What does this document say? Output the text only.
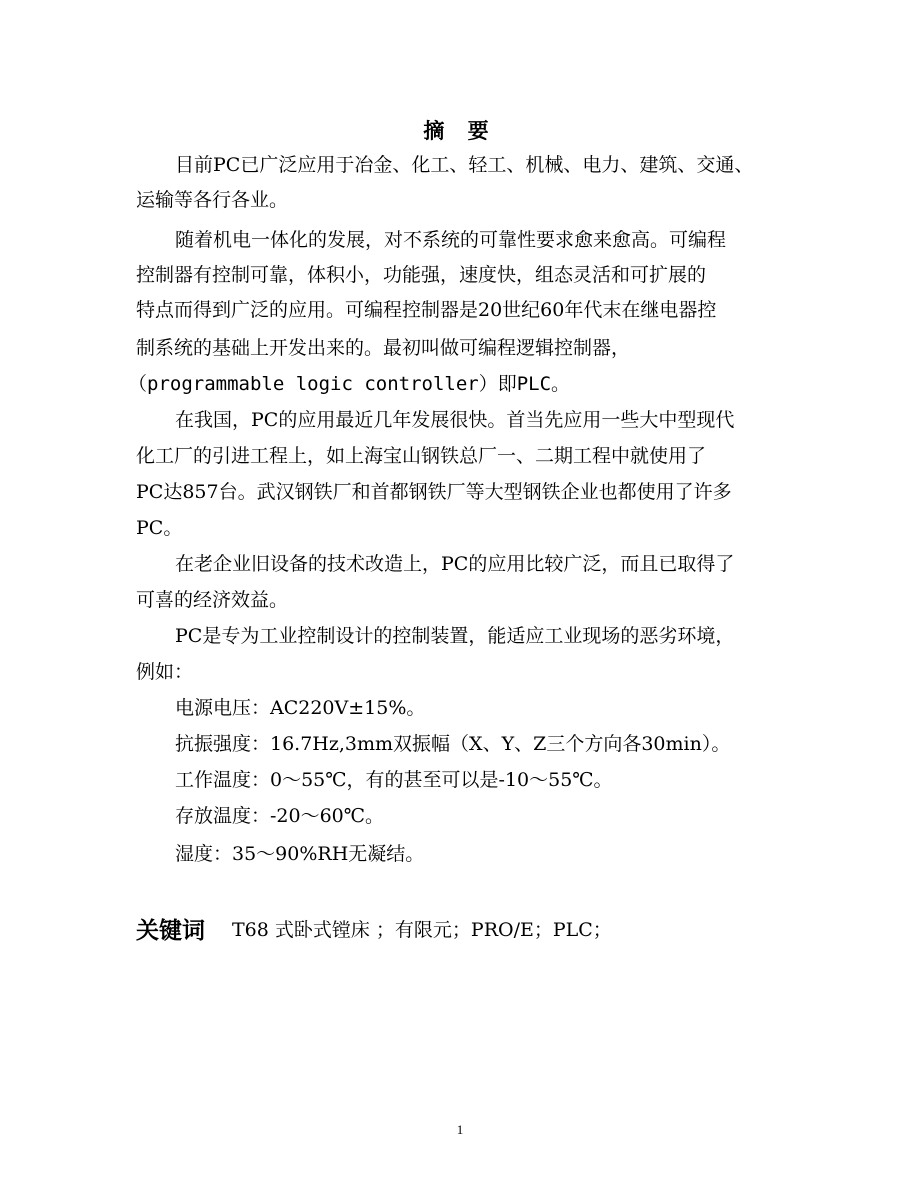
摘 要
目前PC已广泛应用于冶金、化工、轻工、机械、电力、建筑、交通、
运输等各行各业。
随着机电一体化的发展，对不系统的可靠性要求愈来愈高。可编程
控制器有控制可靠，体积小，功能强，速度快，组态灵活和可扩展的
特点而得到广泛的应用。可编程控制器是20世纪60年代末在继电器控
制系统的基础上开发出来的。最初叫做可编程逻辑控制器，
（programmable logic controller）即PLC。
在我国，PC的应用最近几年发展很快。首当先应用一些大中型现代
化工厂的引进工程上，如上海宝山钢铁总厂一、二期工程中就使用了
PC达857台。武汉钢铁厂和首都钢铁厂等大型钢铁企业也都使用了许多
PC。
在老企业旧设备的技术改造上，PC的应用比较广泛，而且已取得了
可喜的经济效益。
PC是专为工业控制设计的控制装置，能适应工业现场的恶劣环境，
例如：
电源电压：AC220V±15%。
抗振强度：16.7Hz,3mm双振幅（X、Y、Z三个方向各30min）。
工作温度：0～55℃，有的甚至可以是-10～55℃。
存放温度：-20～60℃。
湿度：35～90%RH无凝结。
关键词 T68 式卧式镗床 ；有限元；PRO/E；PLC；
1
